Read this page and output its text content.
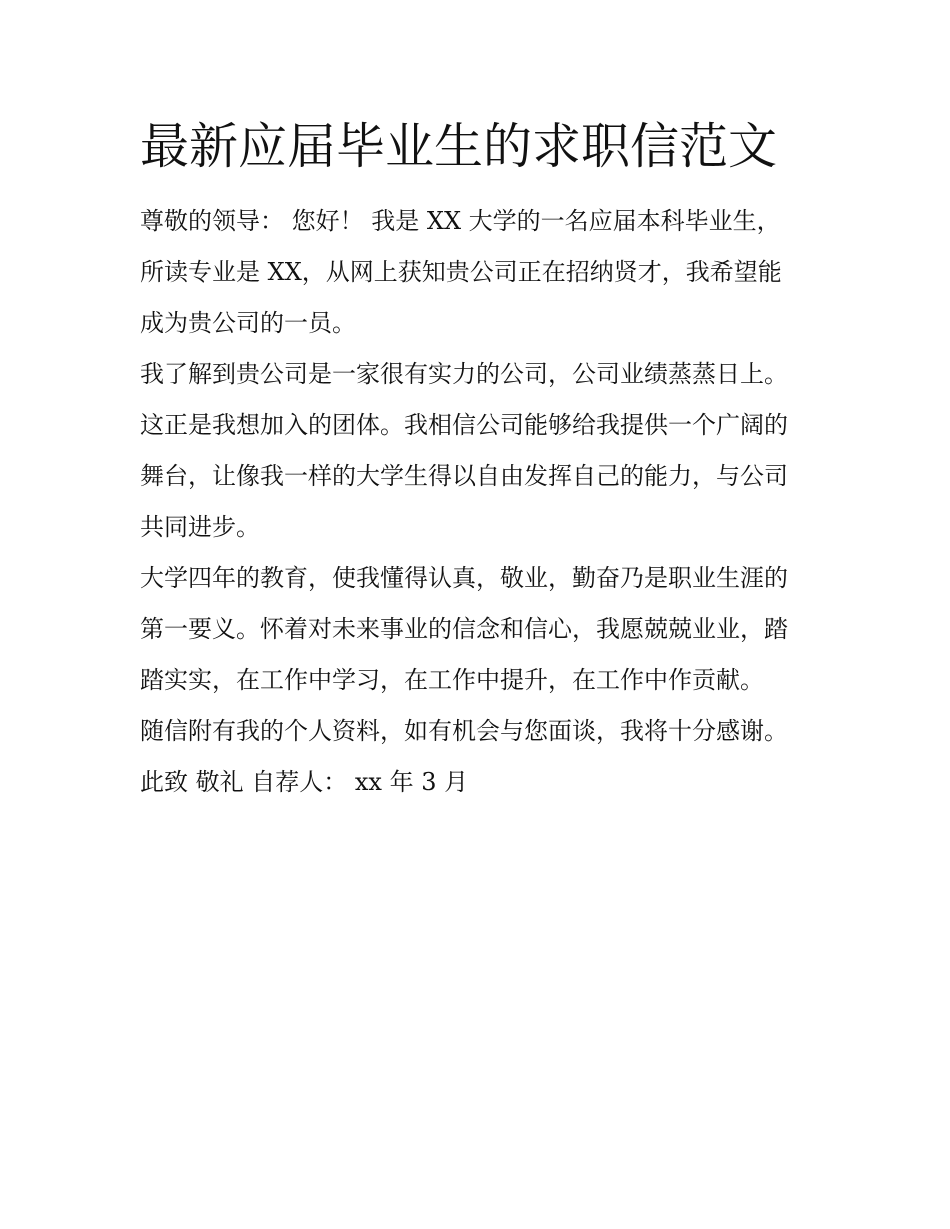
最新应届毕业生的求职信范文
尊敬的领导： 您好！ 我是 XX 大学的一名应届本科毕业生，
所读专业是 XX，从网上获知贵公司正在招纳贤才，我希望能
成为贵公司的一员。
我了解到贵公司是一家很有实力的公司，公司业绩蒸蒸日上。
这正是我想加入的团体。我相信公司能够给我提供一个广阔的
舞台，让像我一样的大学生得以自由发挥自己的能力，与公司
共同进步。
大学四年的教育，使我懂得认真，敬业，勤奋乃是职业生涯的
第一要义。怀着对未来事业的信念和信心，我愿兢兢业业，踏
踏实实，在工作中学习，在工作中提升，在工作中作贡献。
随信附有我的个人资料，如有机会与您面谈，我将十分感谢。
此致 敬礼 自荐人： xx 年 3 月
